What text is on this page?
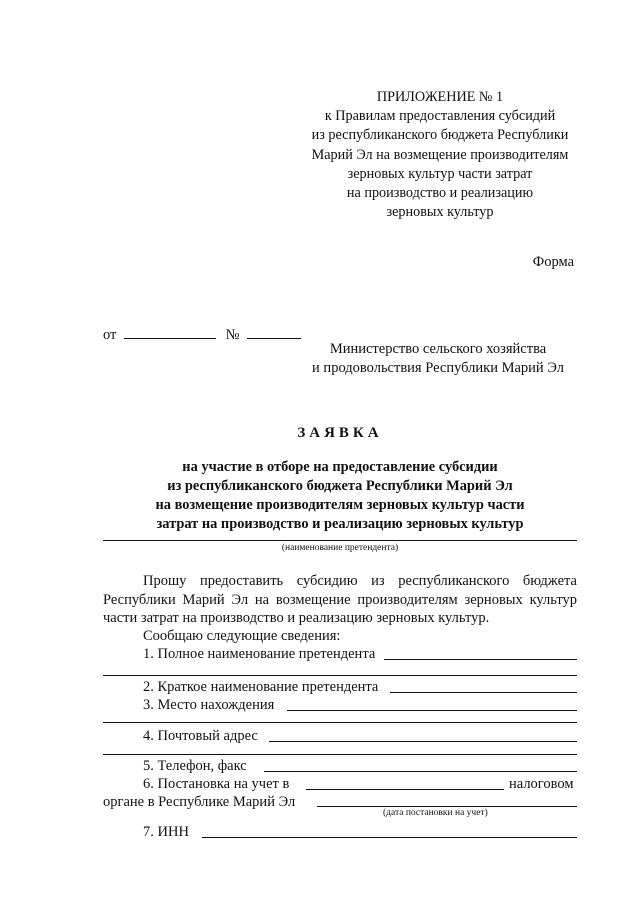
ПРИЛОЖЕНИЕ № 1
к Правилам предоставления субсидий
из республиканского бюджета Республики
Марий Эл на возмещение производителям
зерновых культур части затрат
на производство и реализацию
зерновых культур
Форма
от	№
Министерство сельского хозяйства
и продовольствия Республики Марий Эл
ЗАЯВКА
на участие в отборе на предоставление субсидии
из республиканского бюджета Республики Марий Эл
на возмещение производителям зерновых культур части
затрат на производство и реализацию зерновых культур
(наименование претендента)
Прошу предоставить субсидию из республиканского бюджета
Республики Марий Эл на возмещение производителям зерновых культур
части затрат на производство и реализацию зерновых культур.
Сообщаю следующие сведения:
1. Полное наименование претендента
2. Краткое наименование претендента
3. Место нахождения
4. Почтовый адрес
5. Телефон, факс
6. Постановка на учет в	налоговом
органе в Республике Марий Эл
(дата постановки на учет)
7. ИНН
